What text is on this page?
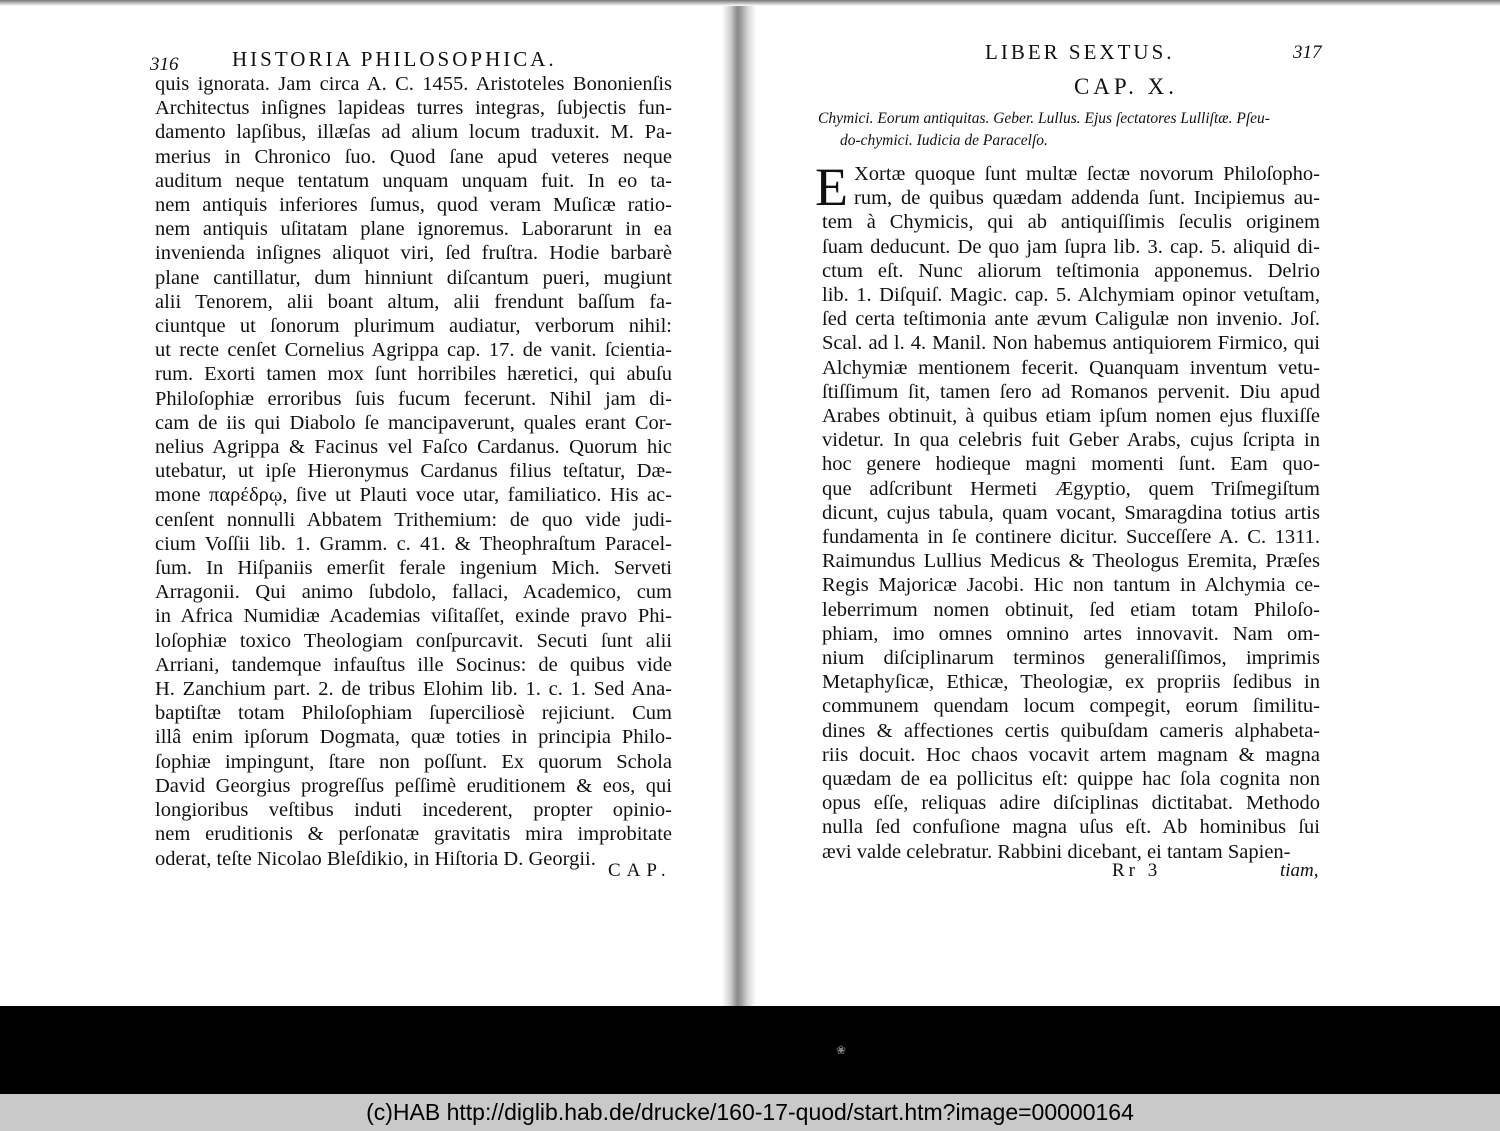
316	HISTORIA PHILOSOPHICA.
quis ignorata. Jam circa A. C. 1455. Aristoteles Bononienſis
Architectus inſignes lapideas turres integras, ſubjectis fun-
damento lapſibus, illæſas ad alium locum traduxit. M. Pa-
merius in Chronico ſuo. Quod ſane apud veteres neque
auditum neque tentatum unquam unquam fuit. In eo ta-
nem antiquis inferiores ſumus, quod veram Muſicæ ratio-
nem antiquis uſitatam plane ignoremus. Laborarunt in ea
invenienda inſignes aliquot viri, ſed fruſtra. Hodie barbarè
plane cantillatur, dum hinniunt diſcantum pueri, mugiunt
alii Tenorem, alii boant altum, alii frendunt baſſum fa-
ciuntque ut ſonorum plurimum audiatur, verborum nihil:
ut recte cenſet Cornelius Agrippa cap. 17. de vanit. ſcientia-
rum. Exorti tamen mox ſunt horribiles hæretici, qui abuſu
Philoſophiæ erroribus ſuis fucum fecerunt. Nihil jam di-
cam de iis qui Diabolo ſe mancipaverunt, quales erant Cor-
nelius Agrippa & Facinus vel Faſco Cardanus. Quorum hic
utebatur, ut ipſe Hieronymus Cardanus filius teſtatur, Dæ-
mone παρέδρῳ, ſive ut Plauti voce utar, familiatico. His ac-
cenſent nonnulli Abbatem Trithemium: de quo vide judi-
cium Voſſii lib. 1. Gramm. c. 41. & Theophraſtum Paracel-
ſum. In Hiſpaniis emerſit ferale ingenium Mich. Serveti
Arragonii. Qui animo ſubdolo, fallaci, Academico, cum
in Africa Numidiæ Academias viſitaſſet, exinde pravo Phi-
loſophiæ toxico Theologiam conſpurcavit. Secuti ſunt alii
Arriani, tandemque infauſtus ille Socinus: de quibus vide
H. Zanchium part. 2. de tribus Elohim lib. 1. c. 1. Sed Ana-
baptiſtæ totam Philoſophiam ſuperciliosè rejiciunt. Cum
illâ enim ipſorum Dogmata, quæ toties in principia Philo-
ſophiæ impingunt, ſtare non poſſunt. Ex quorum Schola
David Georgius progreſſus peſſimè eruditionem & eos, qui
longioribus veſtibus induti incederent, propter opinio-
nem eruditionis & perſonatæ gravitatis mira improbitate
oderat, teſte Nicolao Bleſdikio, in Hiſtoria D. Georgii.
CAP.
LIBER SEXTUS.	317
CAP. X.
Chymici. Eorum antiquitas. Geber. Lullus. Ejus ſectatores Lulliſtæ. Pſeu-
do-chymici. Iudicia de Paracelſo.
E Xortæ quoque ſunt multæ ſectæ novorum Philoſopho-
rum, de quibus quædam addenda ſunt. Incipiemus au-
tem à Chymicis, qui ab antiquiſſimis ſeculis originem
ſuam deducunt. De quo jam ſupra lib. 3. cap. 5. aliquid di-
ctum eſt. Nunc aliorum teſtimonia apponemus. Delrio
lib. 1. Diſquiſ. Magic. cap. 5. Alchymiam opinor vetuſtam,
ſed certa teſtimonia ante ævum Caligulæ non invenio. Joſ.
Scal. ad l. 4. Manil. Non habemus antiquiorem Firmico, qui
Alchymiæ mentionem fecerit. Quanquam inventum vetu-
ſtiſſimum ſit, tamen ſero ad Romanos pervenit. Diu apud
Arabes obtinuit, à quibus etiam ipſum nomen ejus fluxiſſe
videtur. In qua celebris fuit Geber Arabs, cujus ſcripta in
hoc genere hodieque magni momenti ſunt. Eam quo-
que adſcribunt Hermeti Ægyptio, quem Triſmegiſtum
dicunt, cujus tabula, quam vocant, Smaragdina totius artis
fundamenta in ſe continere dicitur. Succeſſere A. C. 1311.
Raimundus Lullius Medicus & Theologus Eremita, Præſes
Regis Majoricæ Jacobi. Hic non tantum in Alchymia ce-
leberrimum nomen obtinuit, ſed etiam totam Philoſo-
phiam, imo omnes omnino artes innovavit. Nam om-
nium diſciplinarum terminos generaliſſimos, imprimis
Metaphyſicæ, Ethicæ, Theologiæ, ex propriis ſedibus in
communem quendam locum compegit, eorum ſimilitu-
dines & affectiones certis quibuſdam cameris alphabeta-
riis docuit. Hoc chaos vocavit artem magnam & magna
quædam de ea pollicitus eſt: quippe hac ſola cognita non
opus eſſe, reliquas adire diſciplinas dictitabat. Methodo
nulla ſed confuſione magna uſus eſt. Ab hominibus ſui
ævi valde celebratur. Rabbini dicebant, ei tantam Sapien-
Rr 3	tiam,
❀
(c)HAB http://diglib.hab.de/drucke/160-17-quod/start.htm?image=00000164
